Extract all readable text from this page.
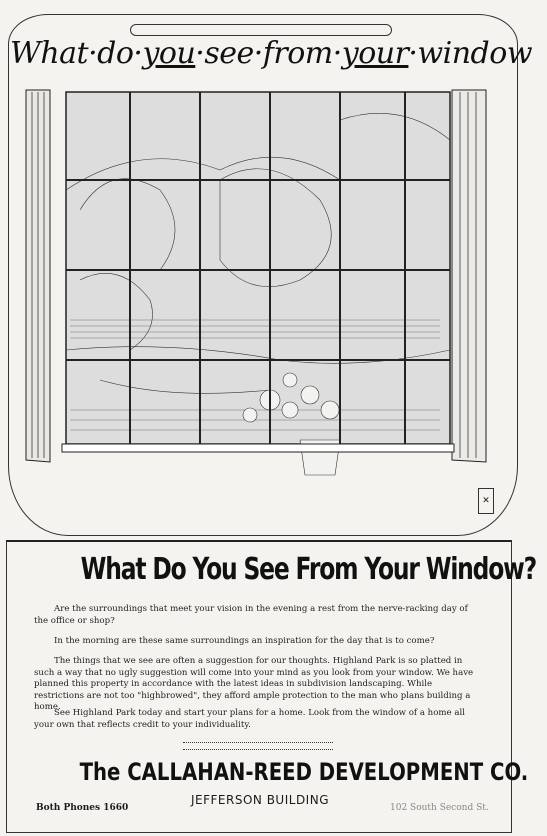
What·do·you·see·from·your·window
✕
What Do You See From Your Window?
Are the surroundings that meet your vision in the evening a rest from the nerve-racking day of the office or shop?
In the morning are these same surroundings an inspiration for the day that is to come?
The things that we see are often a suggestion for our thoughts. Highland Park is so platted in such a way that no ugly suggestion will come into your mind as you look from your window. We have planned this property in accordance with the latest ideas in subdivision landscaping. While restrictions are not too "highbrowed", they afford ample protection to the man who plans building a home.
See Highland Park today and start your plans for a home. Look from the window of a home all your own that reflects credit to your individuality.
The CALLAHAN-REED DEVELOPMENT CO.
JEFFERSON BUILDING
Both Phones 1660	102 South Second St.
